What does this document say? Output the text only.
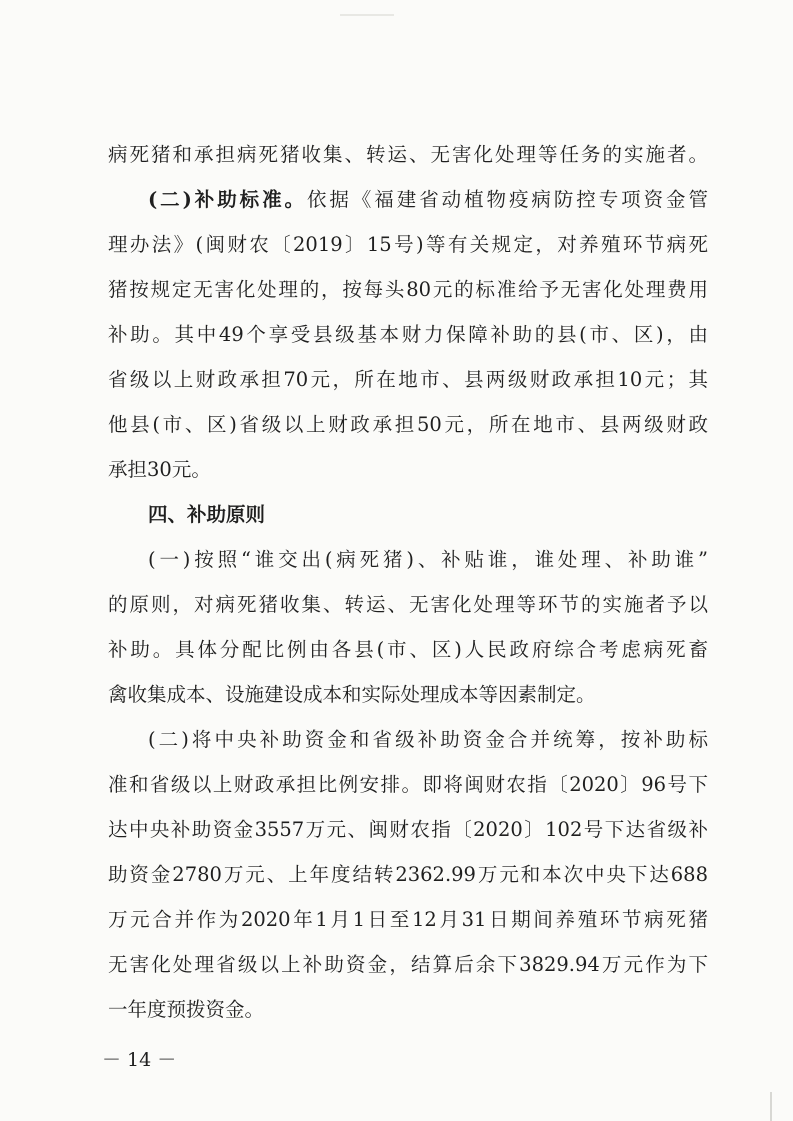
病死猪和承担病死猪收集、转运、无害化处理等任务的实施者。
(二)补助标准。依据《福建省动植物疫病防控专项资金管
理办法》(闽财农〔2019〕15号)等有关规定，对养殖环节病死
猪按规定无害化处理的，按每头80元的标准给予无害化处理费用
补助。其中49个享受县级基本财力保障补助的县(市、区)，由
省级以上财政承担70元，所在地市、县两级财政承担10元；其
他县(市、区)省级以上财政承担50元，所在地市、县两级财政
承担30元。
四、补助原则
(一)按照“谁交出(病死猪)、补贴谁，谁处理、补助谁”
的原则，对病死猪收集、转运、无害化处理等环节的实施者予以
补助。具体分配比例由各县(市、区)人民政府综合考虑病死畜
禽收集成本、设施建设成本和实际处理成本等因素制定。
(二)将中央补助资金和省级补助资金合并统筹，按补助标
准和省级以上财政承担比例安排。即将闽财农指〔2020〕96号下
达中央补助资金3557万元、闽财农指〔2020〕102号下达省级补
助资金2780万元、上年度结转2362.99万元和本次中央下达688
万元合并作为2020年1月1日至12月31日期间养殖环节病死猪
无害化处理省级以上补助资金，结算后余下3829.94万元作为下
一年度预拨资金。
－ 14 －
